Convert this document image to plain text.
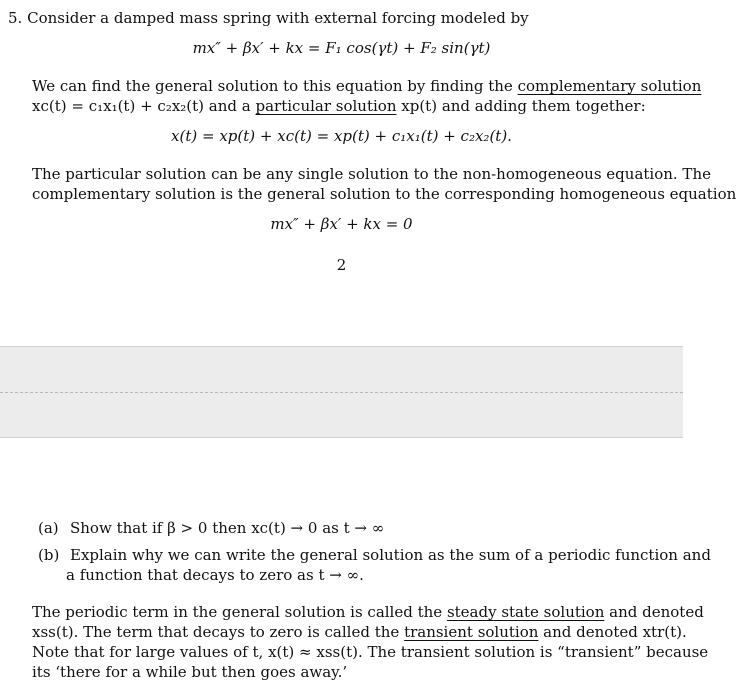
5. Consider a damped mass spring with external forcing modeled by
mx″ + βx′ + kx = F₁ cos(γt) + F₂ sin(γt)
We can find the general solution to this equation by finding the complementary solution
xc(t) = c₁x₁(t) + c₂x₂(t) and a particular solution xp(t) and adding them together:
x(t) = xp(t) + xc(t) = xp(t) + c₁x₁(t) + c₂x₂(t).
The particular solution can be any single solution to the non-homogeneous equation. The
complementary solution is the general solution to the corresponding homogeneous equation
mx″ + βx′ + kx = 0
2
(a) Show that if β > 0 then xc(t) → 0 as t → ∞
(b) Explain why we can write the general solution as the sum of a periodic function and
a function that decays to zero as t → ∞.
The periodic term in the general solution is called the steady state solution and denoted
xss(t). The term that decays to zero is called the transient solution and denoted xtr(t).
Note that for large values of t, x(t) ≈ xss(t). The transient solution is “transient” because
its ‘there for a while but then goes away.’
